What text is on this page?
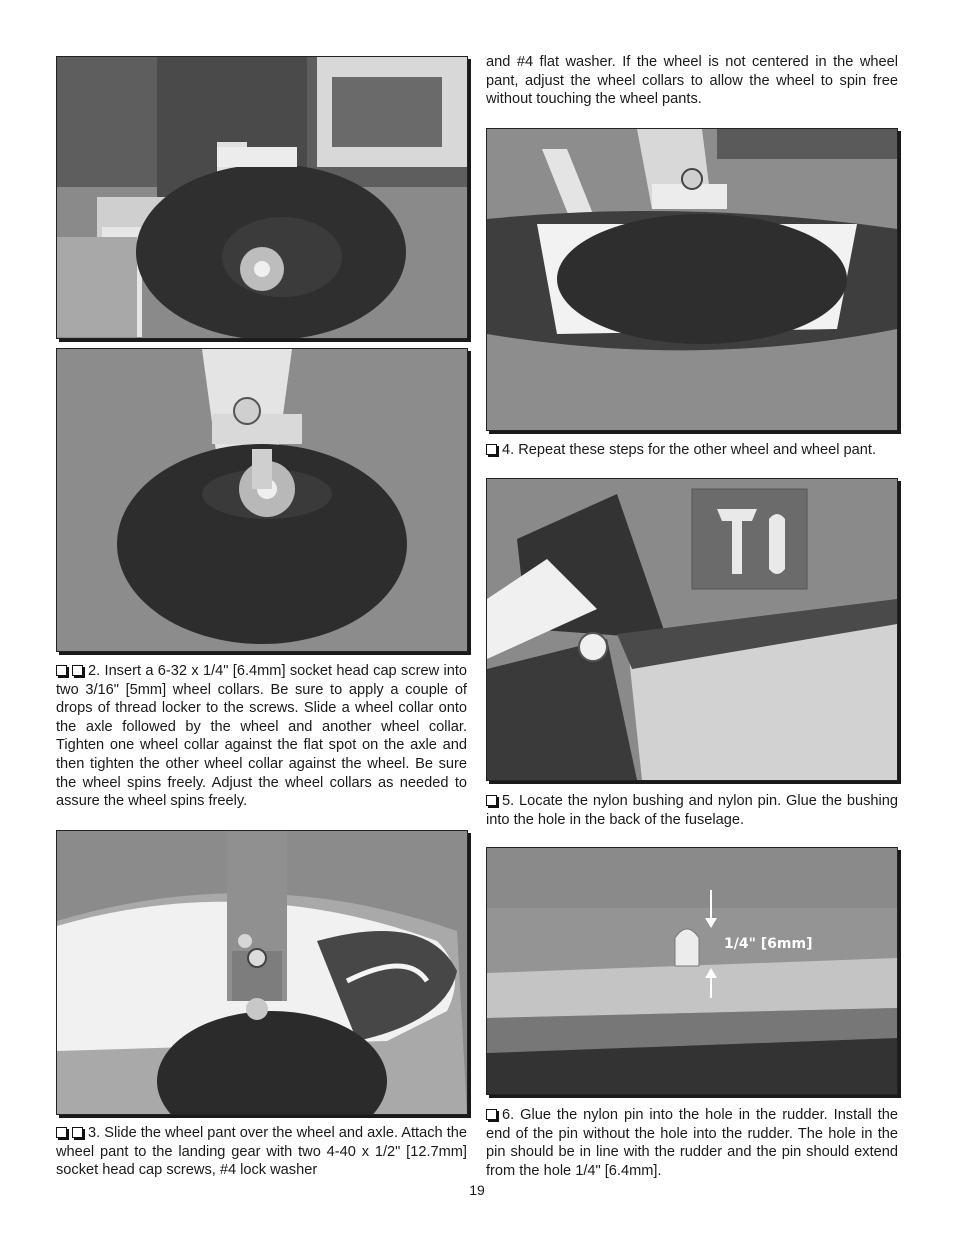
2. Insert a 6-32 x 1/4" [6.4mm] socket head cap screw into two 3/16" [5mm] wheel collars. Be sure to apply a couple of drops of thread locker to the screws. Slide a wheel collar onto the axle followed by the wheel and another wheel collar. Tighten one wheel collar against the flat spot on the axle and then tighten the other wheel collar against the wheel. Be sure the wheel spins freely. Adjust the wheel collars as needed to assure the wheel spins freely.
3. Slide the wheel pant over the wheel and axle. Attach the wheel pant to the landing gear with two 4-40 x 1/2" [12.7mm] socket head cap screws, #4 lock washer
and #4 flat washer. If the wheel is not centered in the wheel pant, adjust the wheel collars to allow the wheel to spin free without touching the wheel pants.
4. Repeat these steps for the other wheel and wheel pant.
5. Locate the nylon bushing and nylon pin. Glue the bushing into the hole in the back of the fuselage.
1/4" [6mm]
6. Glue the nylon pin into the hole in the rudder. Install the end of the pin without the hole into the rudder. The hole in the pin should be in line with the rudder and the pin should extend from the hole 1/4" [6.4mm].
19
